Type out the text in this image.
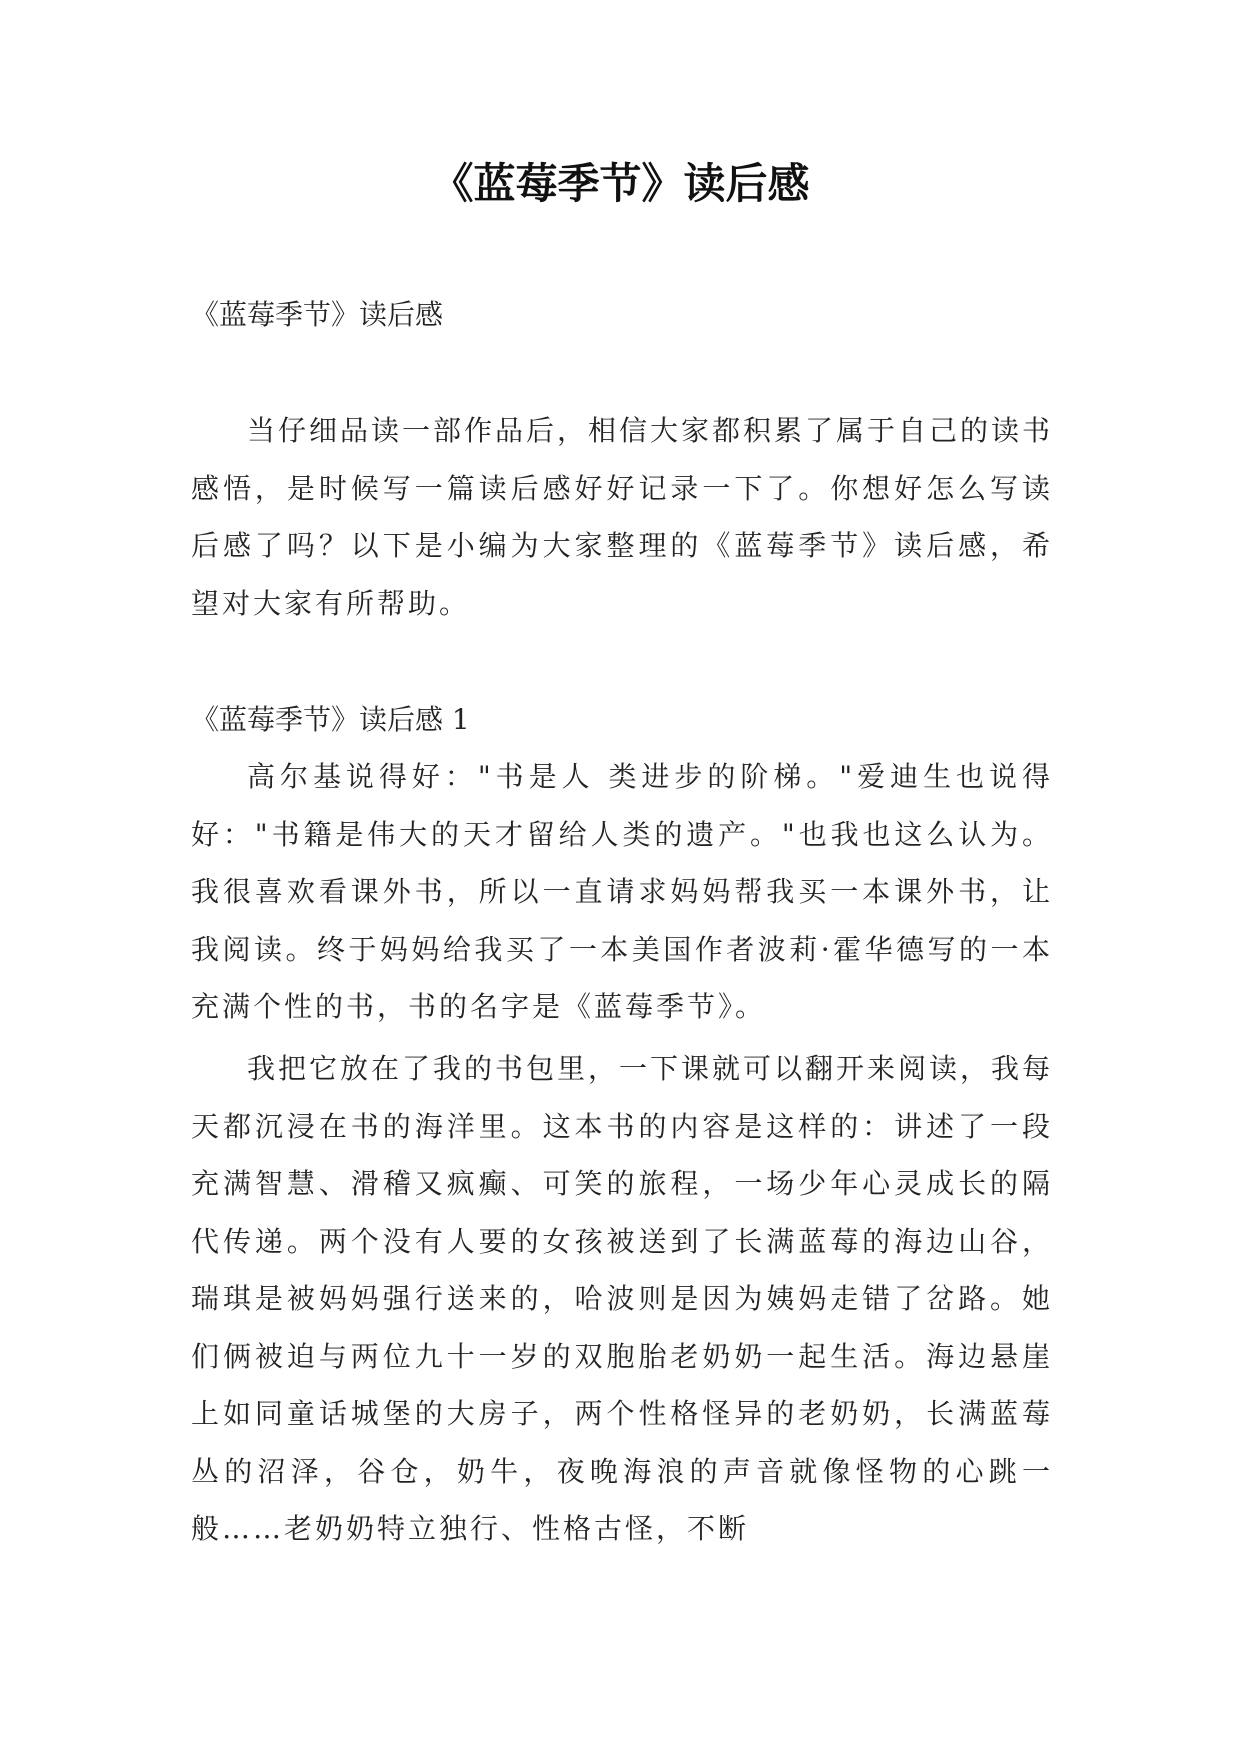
《蓝莓季节》读后感

《蓝莓季节》读后感

当仔细品读一部作品后，相信大家都积累了属于自己的读书感悟，是时候写一篇读后感好好记录一下了。你想好怎么写读后感了吗？以下是小编为大家整理的《蓝莓季节》读后感，希望对大家有所帮助。

《蓝莓季节》读后感 1

高尔基说得好："书是人 类进步的阶梯。"爱迪生也说得好："书籍是伟大的天才留给人类的遗产。"也我也这么认为。我很喜欢看课外书，所以一直请求妈妈帮我买一本课外书，让我阅读。终于妈妈给我买了一本美国作者波莉·霍华德写的一本充满个性的书，书的名字是《蓝莓季节》。

我把它放在了我的书包里，一下课就可以翻开来阅读，我每天都沉浸在书的海洋里。这本书的内容是这样的：讲述了一段充满智慧、滑稽又疯癫、可笑的旅程，一场少年心灵成长的隔代传递。两个没有人要的女孩被送到了长满蓝莓的海边山谷，瑞琪是被妈妈强行送来的，哈波则是因为姨妈走错了岔路。她们俩被迫与两位九十一岁的双胞胎老奶奶一起生活。海边悬崖上如同童话城堡的大房子，两个性格怪异的老奶奶，长满蓝莓丛的沼泽，谷仓，奶牛，夜晚海浪的声音就像怪物的心跳一般……老奶奶特立独行、性格古怪，不断
